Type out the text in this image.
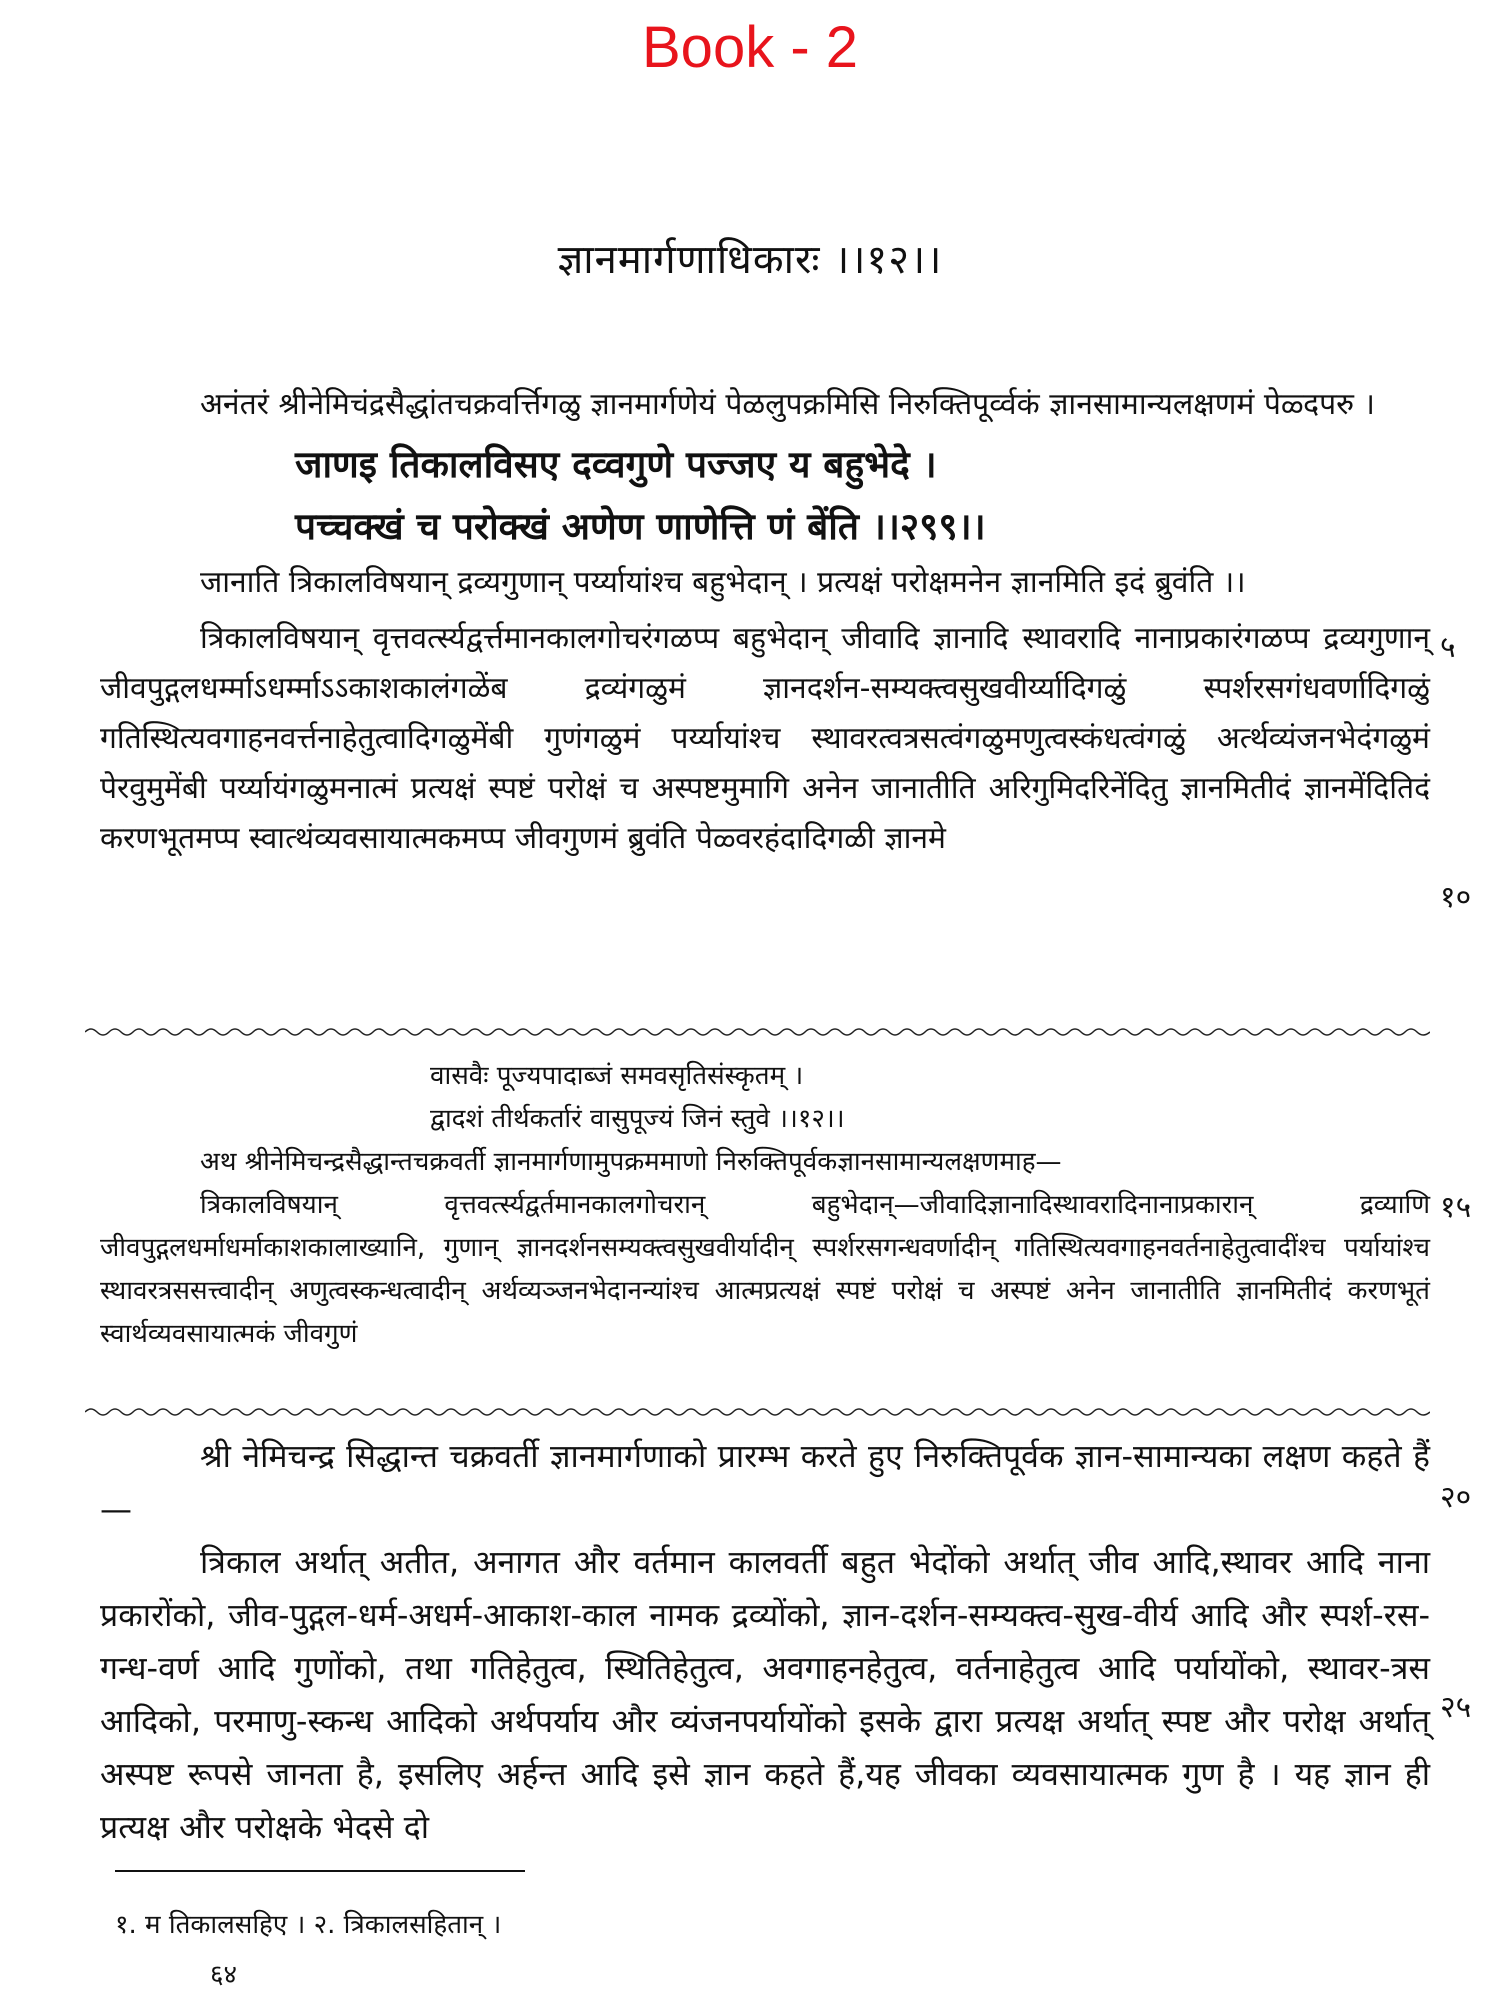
Book - 2
ज्ञानमार्गणाधिकारः ।।१२।।

अनंतरं श्रीनेमिचंद्रसैद्धांतचक्रवर्त्तिगळु ज्ञानमार्गणेयं पेळलुपक्रमिसि निरुक्तिपूर्व्वकं ज्ञानसामान्यलक्षणमं पेळ्दपरु ।

जाणइ तिकालविसए दव्वगुणे पज्जए य बहुभेदे ।

पच्चक्खं च परोक्खं अणेण णाणेत्ति णं बेंति ।।२९९।।

जानाति त्रिकालविषयान् द्रव्यगुणान् पर्य्यायांश्च बहुभेदान् । प्रत्यक्षं परोक्षमनेन ज्ञानमिति इदं ब्रुवंति ।।

त्रिकालविषयान् वृत्तवर्त्स्यद्वर्त्तमानकालगोचरंगळप्प बहुभेदान् जीवादि ज्ञानादि स्थावरादि नानाप्रकारंगळप्प द्रव्यगुणान् जीवपुद्गलधर्म्माऽधर्म्माऽऽकाशकालंगळेंब द्रव्यंगळुमं ज्ञानदर्शन-सम्यक्त्वसुखवीर्य्यादिगळुं स्पर्शरसगंधवर्णादिगळुं गतिस्थित्यवगाहनवर्त्तनाहेतुत्वादिगळुमेंबी गुणंगळुमं पर्य्यायांश्च स्थावरत्वत्रसत्वंगळुमणुत्वस्कंधत्वंगळुं अर्त्थव्यंजनभेदंगळुमं पेरवुमुमेंबी पर्य्यायंगळुमनात्मं प्रत्यक्षं स्पष्टं परोक्षं च अस्पष्टमुमागि अनेन जानातीति अरिगुमिदरिनेंदितु ज्ञानमितीदं ज्ञानमेंदितिदं करणभूतमप्प स्वात्थंव्यवसायात्मकमप्प जीवगुणमं ब्रुवंति पेळ्वरहंदादिगळी ज्ञानमे

वासवैः पूज्यपादाब्जं समवसृतिसंस्कृतम् ।

द्वादशं तीर्थकर्तारं वासुपूज्यं जिनं स्तुवे ।।१२।।

अथ श्रीनेमिचन्द्रसैद्धान्तचक्रवर्ती ज्ञानमार्गणामुपक्रममाणो निरुक्तिपूर्वकज्ञानसामान्यलक्षणमाह—

त्रिकालविषयान् वृत्तवर्त्स्यद्वर्तमानकालगोचरान् बहुभेदान्—जीवादिज्ञानादिस्थावरादिनानाप्रकारान् द्रव्याणि जीवपुद्गलधर्माधर्माकाशकालाख्यानि, गुणान् ज्ञानदर्शनसम्यक्त्वसुखवीर्यादीन् स्पर्शरसगन्धवर्णादीन् गतिस्थित्यवगाहनवर्तनाहेतुत्वादींश्च पर्यायांश्च स्थावरत्रससत्त्वादीन् अणुत्वस्कन्धत्वादीन् अर्थव्यञ्जनभेदानन्यांश्च आत्मप्रत्यक्षं स्पष्टं परोक्षं च अस्पष्टं अनेन जानातीति ज्ञानमितीदं करणभूतं स्वार्थव्यवसायात्मकं जीवगुणं

श्री नेमिचन्द्र सिद्धान्त चक्रवर्ती ज्ञानमार्गणाको प्रारम्भ करते हुए निरुक्तिपूर्वक ज्ञान-सामान्यका लक्षण कहते हैं—

त्रिकाल अर्थात् अतीत, अनागत और वर्तमान कालवर्ती बहुत भेदोंको अर्थात् जीव आदि,स्थावर आदि नाना प्रकारोंको, जीव-पुद्गल-धर्म-अधर्म-आकाश-काल नामक द्रव्योंको, ज्ञान-दर्शन-सम्यक्त्व-सुख-वीर्य आदि और स्पर्श-रस-गन्ध-वर्ण आदि गुणोंको, तथा गतिहेतुत्व, स्थितिहेतुत्व, अवगाहनहेतुत्व, वर्तनाहेतुत्व आदि पर्यायोंको, स्थावर-त्रस आदिको, परमाणु-स्कन्ध आदिको अर्थपर्याय और व्यंजनपर्यायोंको इसके द्वारा प्रत्यक्ष अर्थात् स्पष्ट और परोक्ष अर्थात् अस्पष्ट रूपसे जानता है, इसलिए अर्हन्त आदि इसे ज्ञान कहते हैं,यह जीवका व्यवसायात्मक गुण है । यह ज्ञान ही प्रत्यक्ष और परोक्षके भेदसे दो

५
१०
१५
२०
२५
१. म तिकालसहिए । २. त्रिकालसहितान् ।
६४
